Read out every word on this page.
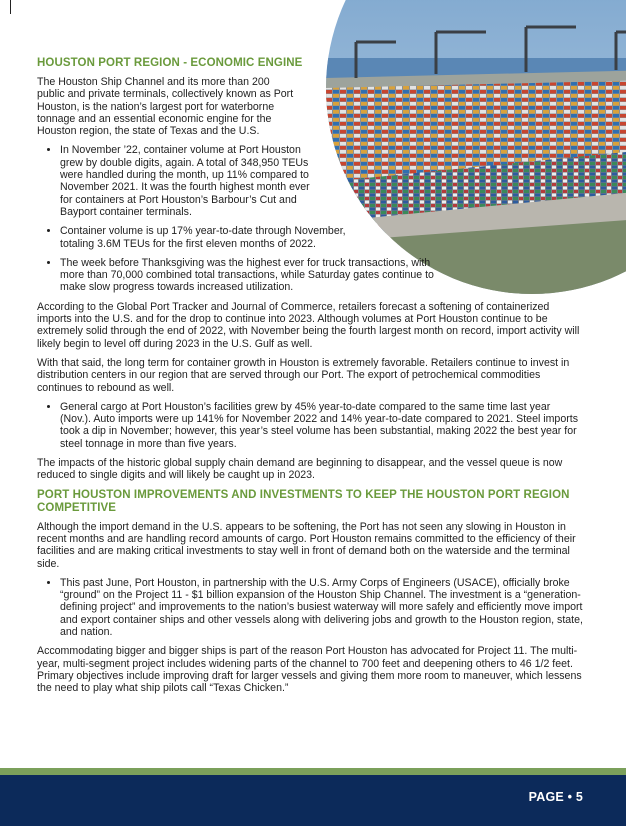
HOUSTON PORT REGION - ECONOMIC ENGINE

The Houston Ship Channel and its more than 200 public and private terminals, collectively known as Port Houston, is the nation’s largest port for waterborne tonnage and an essential economic engine for the Houston region, the state of Texas and the U.S.

• In November ’22, container volume at Port Houston grew by double digits, again. A total of 348,950 TEUs were handled during the month, up 11% compared to November 2021. It was the fourth highest month ever for containers at Port Houston’s Barbour’s Cut and Bayport container terminals.
• Container volume is up 17% year-to-date through November, totaling 3.6M TEUs for the first eleven months of 2022.
• The week before Thanksgiving was the highest ever for truck transactions, with more than 70,000 combined total transactions, while Saturday gates continue to make slow progress towards increased utilization.

According to the Global Port Tracker and Journal of Commerce, retailers forecast a softening of containerized imports into the U.S. and for the drop to continue into 2023. Although volumes at Port Houston continue to be extremely solid through the end of 2022, with November being the fourth largest month on record, import activity will likely begin to level off during 2023 in the U.S. Gulf as well.

With that said, the long term for container growth in Houston is extremely favorable. Retailers continue to invest in distribution centers in our region that are served through our Port. The export of petrochemical commodities continues to rebound as well.

• General cargo at Port Houston’s facilities grew by 45% year-to-date compared to the same time last year (Nov.). Auto imports were up 141% for November 2022 and 14% year-to-date compared to 2021. Steel imports took a dip in November; however, this year’s steel volume has been substantial, making 2022 the best year for steel tonnage in more than five years.

The impacts of the historic global supply chain demand are beginning to disappear, and the vessel queue is now reduced to single digits and will likely be caught up in 2023.

PORT HOUSTON IMPROVEMENTS AND INVESTMENTS TO KEEP THE HOUSTON PORT REGION COMPETITIVE

Although the import demand in the U.S. appears to be softening, the Port has not seen any slowing in Houston in recent months and are handling record amounts of cargo. Port Houston remains committed to the efficiency of their facilities and are making critical investments to stay well in front of demand both on the waterside and the terminal side.

• This past June, Port Houston, in partnership with the U.S. Army Corps of Engineers (USACE), officially broke “ground” on the Project 11 - $1 billion expansion of the Houston Ship Channel. The investment is a “generation-defining project” and improvements to the nation’s busiest waterway will more safely and efficiently move import and export container ships and other vessels along with delivering jobs and growth to the Houston region, state, and nation.

Accommodating bigger and bigger ships is part of the reason Port Houston has advocated for Project 11. The multi-year, multi-segment project includes widening parts of the channel to 700 feet and deepening others to 46 1/2 feet. Primary objectives include improving draft for larger vessels and giving them more room to maneuver, which lessens the need to play what ship pilots call “Texas Chicken.”

PAGE • 5
